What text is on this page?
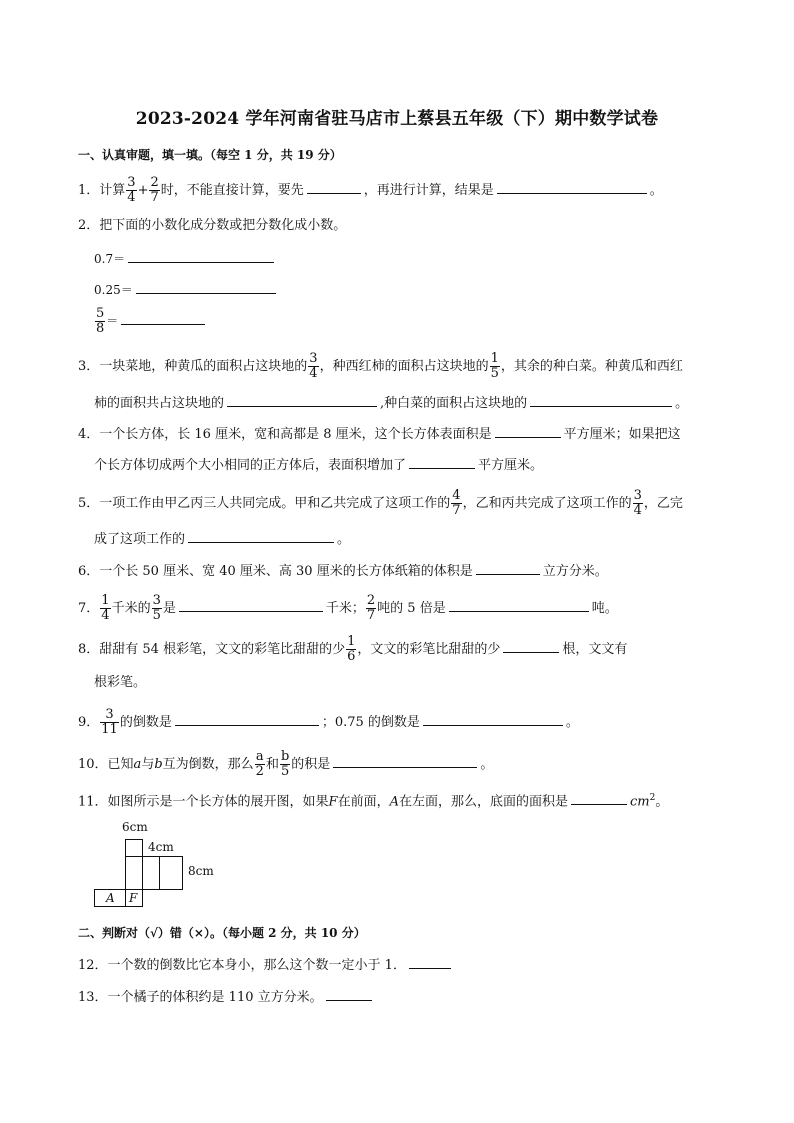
2023-2024 学年河南省驻马店市上蔡县五年级（下）期中数学试卷
一、认真审题，填一填。（每空 1 分，共 19 分）
1．计算 $\frac{3}{4} + \frac{2}{7}$ 时，不能直接计算，要先	，再进行计算，结果是	。
2．把下面的小数化成分数或把分数化成小数。
0.7＝
0.25＝
$\frac{5}{8}$ ＝
3．一块菜地，种黄瓜的面积占这块地的 $\frac{3}{4}$ ，种西红柿的面积占这块地的 $\frac{1}{5}$ ，其余的种白菜。种黄瓜和西红
柿的面积共占这块地的	,种白菜的面积占这块地的	。
4．一个长方体，长 16 厘米，宽和高都是 8 厘米，这个长方体表面积是	平方厘米；如果把这
个长方体切成两个大小相同的正方体后，表面积增加了	平方厘米。
5．一项工作由甲乙丙三人共同完成。甲和乙共完成了这项工作的 $\frac{4}{7}$ ，乙和丙共完成了这项工作的 $\frac{3}{4}$ ，乙完
成了这项工作的	。
6．一个长 50 厘米、宽 40 厘米、高 30 厘米的长方体纸箱的体积是	立方分米。
7． $\frac{1}{4}$ 千米的 $\frac{3}{5}$ 是	千米； $\frac{2}{7}$ 吨的 5 倍是	吨。
8．甜甜有 54 根彩笔，文文的彩笔比甜甜的少 $\frac{1}{6}$ ，文文的彩笔比甜甜的少	根，文文有
根彩笔。
9． $\frac{3}{11}$ 的倒数是	；0.75 的倒数是	。
10．已知a与b互为倒数，那么 $\frac{a}{2}$ 和 $\frac{b}{5}$ 的积是	。
11．如图所示是一个长方体的展开图，如果F在前面，A在左面，那么，底面的面积是	$cm^2$。
6cm
4cm
8cm
A F
二、判断对（√）错（×）。（每小题 2 分，共 10 分）
12．一个数的倒数比它本身小，那么这个数一定小于 1．
13．一个橘子的体积约是 110 立方分米。
